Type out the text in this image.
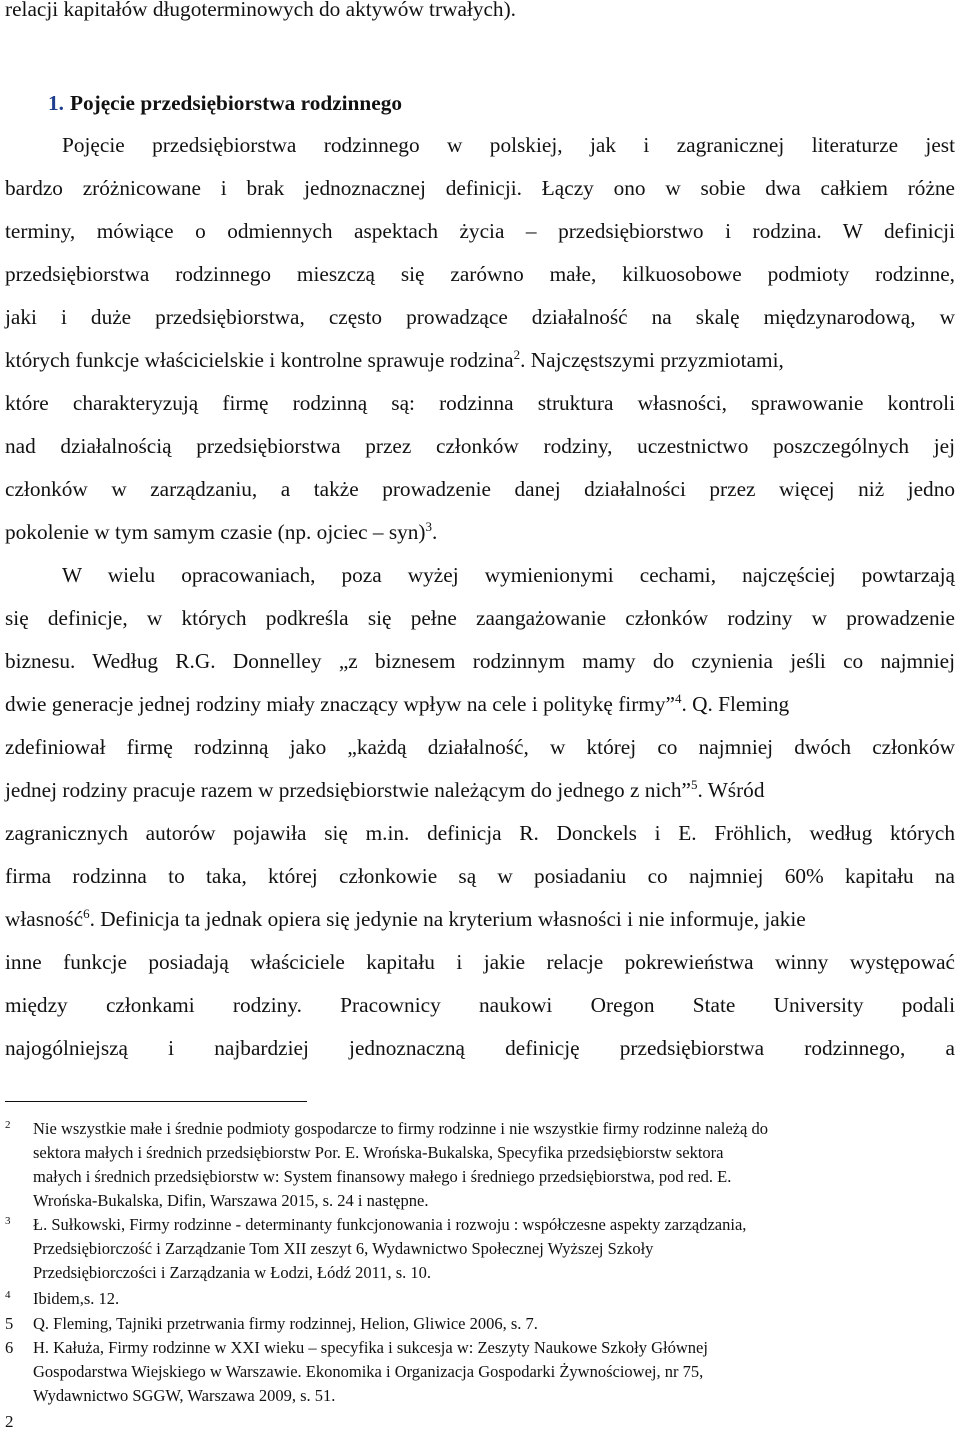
relacji kapitałów długoterminowych do aktywów trwałych).
1. Pojęcie przedsiębiorstwa rodzinnego
Pojęcie przedsiębiorstwa rodzinnego w polskiej, jak i zagranicznej literaturze jest
bardzo zróżnicowane i brak jednoznacznej definicji. Łączy ono w sobie dwa całkiem różne
terminy, mówiące o odmiennych aspektach życia – przedsiębiorstwo i rodzina. W definicji
przedsiębiorstwa rodzinnego mieszczą się zarówno małe, kilkuosobowe podmioty rodzinne,
jaki i duże przedsiębiorstwa, często prowadzące działalność na skalę międzynarodową, w
których funkcje właścicielskie i kontrolne sprawuje rodzina$^2$. Najczęstszymi przyzmiotami,
które charakteryzują firmę rodzinną są: rodzinna struktura własności, sprawowanie kontroli
nad działalnością przedsiębiorstwa przez członków rodziny, uczestnictwo poszczególnych jej
członków w zarządzaniu, a także prowadzenie danej działalności przez więcej niż jedno
pokolenie w tym samym czasie (np. ojciec – syn)$^3$.
W wielu opracowaniach, poza wyżej wymienionymi cechami, najczęściej powtarzają
się definicje, w których podkreśla się pełne zaangażowanie członków rodziny w prowadzenie
biznesu. Według R.G. Donnelley „z biznesem rodzinnym mamy do czynienia jeśli co najmniej
dwie generacje jednej rodziny miały znaczący wpływ na cele i politykę firmy”$^4$. Q. Fleming
zdefiniował firmę rodzinną jako „każdą działalność, w której co najmniej dwóch członków
jednej rodziny pracuje razem w przedsiębiorstwie należącym do jednego z nich”$^5$. Wśród
zagranicznych autorów pojawiła się m.in. definicja R. Donckels i E. Fröhlich, według których
firma rodzinna to taka, której członkowie są w posiadaniu co najmniej 60% kapitału na
własność$^6$. Definicja ta jednak opiera się jedynie na kryterium własności i nie informuje, jakie
inne funkcje posiadają właściciele kapitału i jakie relacje pokrewieństwa winny występować
między członkami rodziny. Pracownicy naukowi Oregon State University podali
najogólniejszą i najbardziej jednoznaczną definicję przedsiębiorstwa rodzinnego, a
$^2$ Nie wszystkie małe i średnie podmioty gospodarcze to firmy rodzinne i nie wszystkie firmy rodzinne należą do
sektora małych i średnich przedsiębiorstw Por. E. Wrońska-Bukalska, Specyfika przedsiębiorstw sektora
małych i średnich przedsiębiorstw w: System finansowy małego i średniego przedsiębiorstwa, pod red. E.
Wrońska-Bukalska, Difin, Warszawa 2015, s. 24 i następne.
$^3$ Ł. Sułkowski, Firmy rodzinne - determinanty funkcjonowania i rozwoju : współczesne aspekty zarządzania,
Przedsiębiorczość i Zarządzanie Tom XII zeszyt 6, Wydawnictwo Społecznej Wyższej Szkoły
Przedsiębiorczości i Zarządzania w Łodzi, Łódź 2011, s. 10.
$^4$ Ibidem,s. 12.
5 Q. Fleming, Tajniki przetrwania firmy rodzinnej, Helion, Gliwice 2006, s. 7.
6 H. Kałuża, Firmy rodzinne w XXI wieku – specyfika i sukcesja w: Zeszyty Naukowe Szkoły Głównej
Gospodarstwa Wiejskiego w Warszawie. Ekonomika i Organizacja Gospodarki Żywnościowej, nr 75,
Wydawnictwo SGGW, Warszawa 2009, s. 51.
2
